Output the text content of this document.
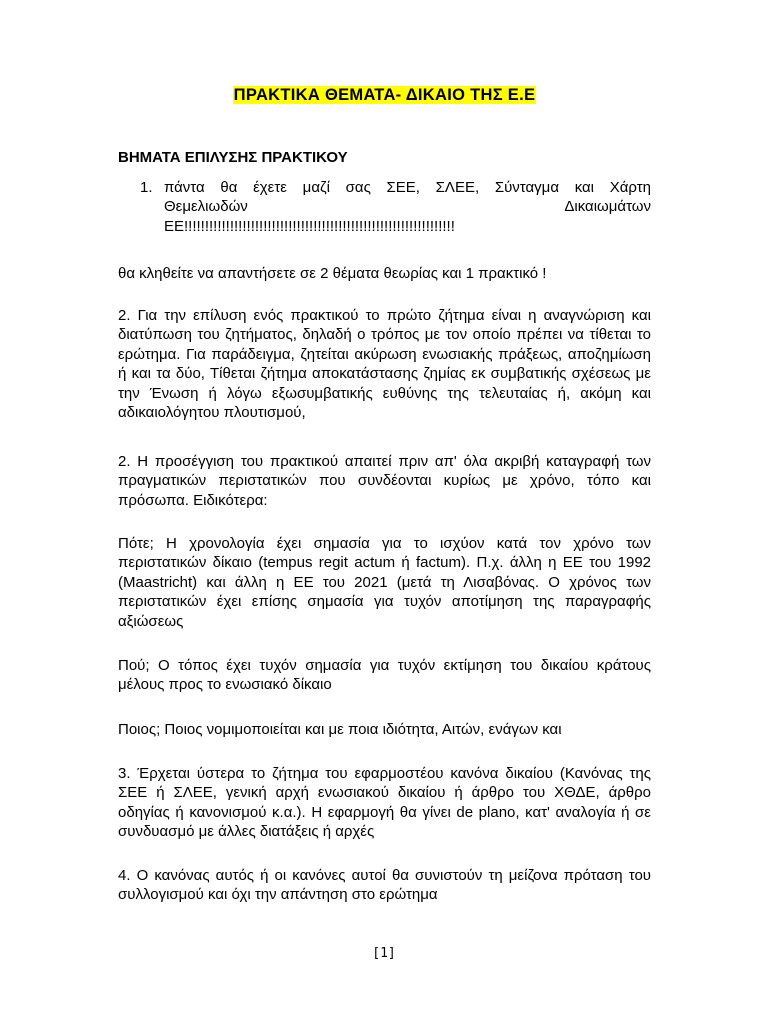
ΠΡΑΚΤΙΚΑ ΘΕΜΑΤΑ- ΔΙΚΑΙΟ ΤΗΣ Ε.Ε
ΒΗΜΑΤΑ ΕΠΙΛΥΣΗΣ ΠΡΑΚΤΙΚΟΥ
1. πάντα θα έχετε μαζί σας ΣΕΕ, ΣΛΕΕ, Σύνταγμα και Χάρτη
Θεμελιωδών	Δικαιωμάτων
ΕΕ!!!!!!!!!!!!!!!!!!!!!!!!!!!!!!!!!!!!!!!!!!!!!!!!!!!!!!!!!!!!!!!!!

θα κληθείτε να απαντήσετε σε 2 θέματα θεωρίας και 1 πρακτικό !

2. Για την επίλυση ενός πρακτικού το πρώτο ζήτημα είναι η αναγνώριση και διατύπωση του ζητήματος, δηλαδή ο τρόπος με τον οποίο πρέπει να τίθεται το ερώτημα. Για παράδειγμα, ζητείται ακύρωση ενωσιακής πράξεως, αποζημίωση ή και τα δύο, Τίθεται ζήτημα αποκατάστασης ζημίας εκ συμβατικής σχέσεως με την Ένωση ή λόγω εξωσυμβατικής ευθύνης της τελευταίας ή, ακόμη και αδικαιολόγητου πλουτισμού,

2. Η προσέγγιση του πρακτικού απαιτεί πριν απ' όλα ακριβή καταγραφή των πραγματικών περιστατικών που συνδέονται κυρίως με χρόνο, τόπο και πρόσωπα. Ειδικότερα:

Πότε; Η χρονολογία έχει σημασία για το ισχύον κατά τον χρόνο των περιστατικών δίκαιο (tempus regit actum ή factum). Π.χ. άλλη η ΕΕ του 1992 (Maastricht) και άλλη η ΕΕ του 2021 (μετά τη Λισαβόνας. Ο χρόνος των περιστατικών έχει επίσης σημασία για τυχόν αποτίμηση της παραγραφής αξιώσεως

Πού; Ο τόπος έχει τυχόν σημασία για τυχόν εκτίμηση του δικαίου κράτους μέλους προς το ενωσιακό δίκαιο

Ποιος; Ποιος νομιμοποιείται και με ποια ιδιότητα, Αιτών, ενάγων και

3. Έρχεται ύστερα το ζήτημα του εφαρμοστέου κανόνα δικαίου (Κανόνας της ΣΕΕ ή ΣΛΕΕ, γενική αρχή ενωσιακού δικαίου ή άρθρο του ΧΘΔΕ, άρθρο οδηγίας ή κανονισμού κ.α.). Η εφαρμογή θα γίνει de plano, κατ' αναλογία ή σε συνδυασμό με άλλες διατάξεις ή αρχές

4. Ο κανόνας αυτός ή οι κανόνες αυτοί θα συνιστούν τη μείζονα πρόταση του συλλογισμού και όχι την απάντηση στο ερώτημα

[1]
